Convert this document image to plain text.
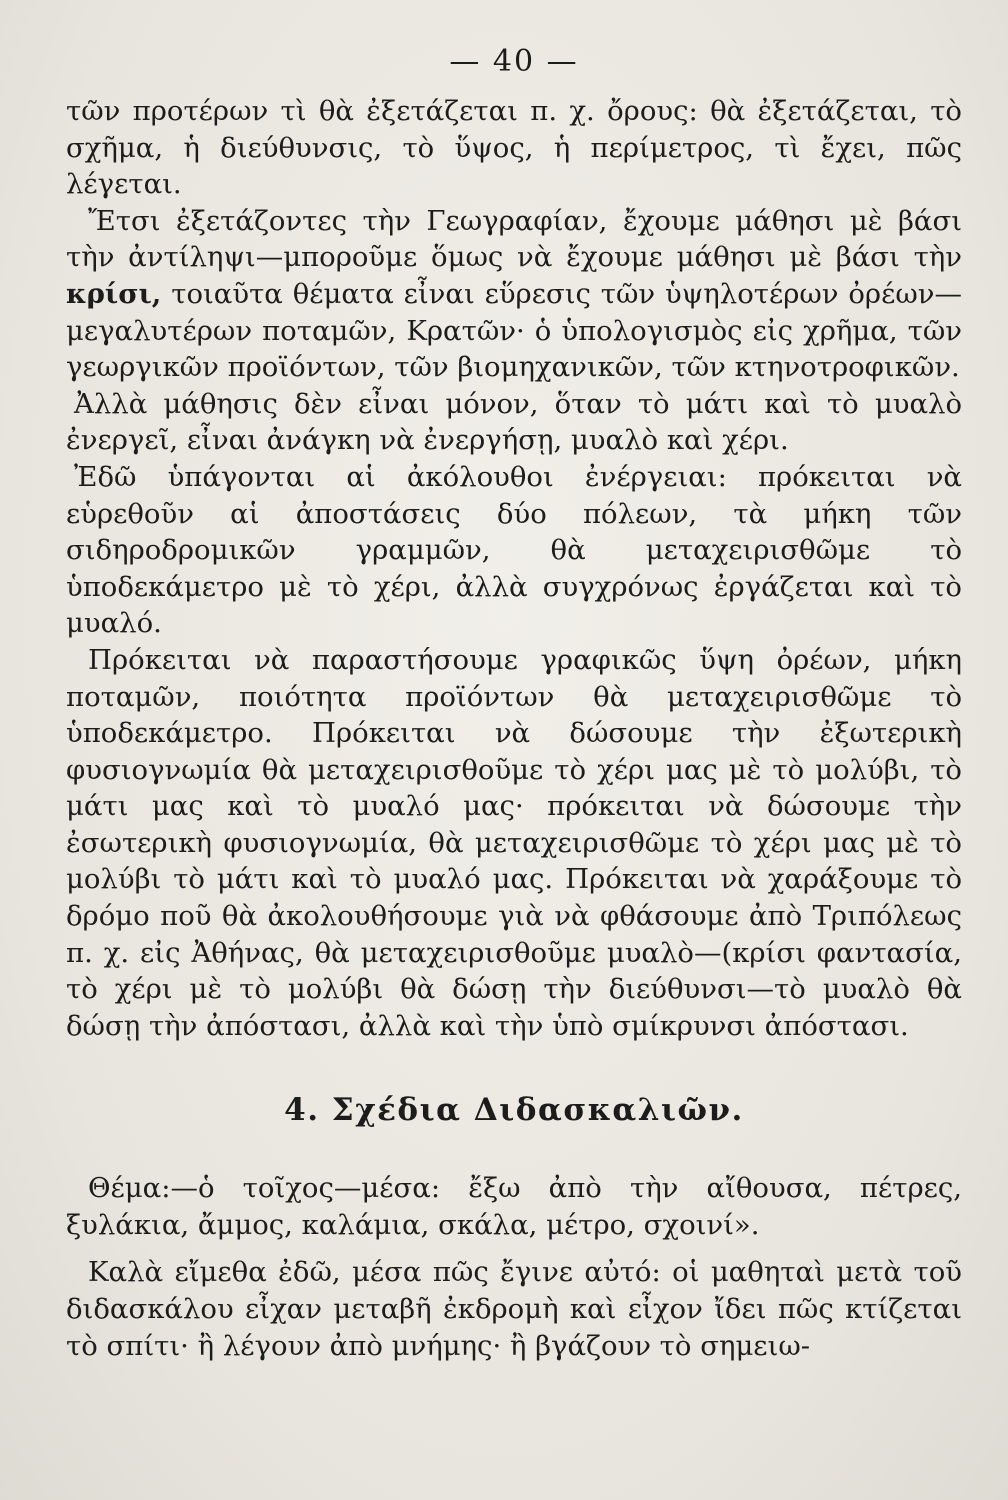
— 40 —

τῶν προτέρων τὶ θὰ ἐξετάζεται π. χ. ὄρους: θὰ ἐξετάζεται, τὸ σχῆμα, ἡ διεύθυνσις, τὸ ὕψος, ἡ περίμετρος, τὶ ἔχει, πῶς λέγεται.

Ἔτσι ἐξετάζοντες τὴν Γεωγραφίαν, ἔχουμε μάθησι μὲ βάσι τὴν ἀντίληψι—μποροῦμε ὅμως νὰ ἔχουμε μάθησι μὲ βάσι τὴν κρίσι, τοιαῦτα θέματα εἶναι εὕρεσις τῶν ὑψηλοτέρων ὀρέων—μεγαλυτέρων ποταμῶν, Κρατῶν· ὁ ὑπολογισμὸς εἰς χρῆμα, τῶν γεωργικῶν προϊόντων, τῶν βιομηχανικῶν, τῶν κτηνοτροφικῶν.

Ἀλλὰ μάθησις δὲν εἶναι μόνον, ὅταν τὸ μάτι καὶ τὸ μυαλὸ ἐνεργεῖ, εἶναι ἀνάγκη νὰ ἐνεργήσῃ, μυαλὸ καὶ χέρι.

Ἐδῶ ὑπάγονται αἱ ἀκόλουθοι ἐνέργειαι: πρόκειται νὰ εὑρεθοῦν αἱ ἀποστάσεις δύο πόλεων, τὰ μήκη τῶν σιδηροδρομικῶν γραμμῶν, θὰ μεταχειρισθῶμε τὸ ὑποδεκάμετρο μὲ τὸ χέρι, ἀλλὰ συγχρόνως ἐργάζεται καὶ τὸ μυαλό.

Πρόκειται νὰ παραστήσουμε γραφικῶς ὕψη ὀρέων, μήκη ποταμῶν, ποιότητα προϊόντων θὰ μεταχειρισθῶμε τὸ ὑποδεκάμετρο. Πρόκειται νὰ δώσουμε τὴν ἐξωτερικὴ φυσιογνωμία θὰ μεταχειρισθοῦμε τὸ χέρι μας μὲ τὸ μολύβι, τὸ μάτι μας καὶ τὸ μυαλό μας· πρόκειται νὰ δώσουμε τὴν ἐσωτερικὴ φυσιογνωμία, θὰ μεταχειρισθῶμε τὸ χέρι μας μὲ τὸ μολύβι τὸ μάτι καὶ τὸ μυαλό μας. Πρόκειται νὰ χαράξουμε τὸ δρόμο ποῦ θὰ ἀκολουθήσουμε γιὰ νὰ φθάσουμε ἀπὸ Τριπόλεως π. χ. εἰς Ἀθήνας, θὰ μεταχειρισθοῦμε μυαλὸ—(κρίσι φαντασία, τὸ χέρι μὲ τὸ μολύβι θὰ δώσῃ τὴν διεύθυνσι—τὸ μυαλὸ θὰ δώσῃ τὴν ἀπόστασι, ἀλλὰ καὶ τὴν ὑπὸ σμίκρυνσι ἀπόστασι.

4. Σχέδια Διδασκαλιῶν.

Θέμα:—ὁ τοῖχος—μέσα: ἔξω ἀπὸ τὴν αἴθουσα, πέτρες, ξυλάκια, ἄμμος, καλάμια, σκάλα, μέτρο, σχοινί».

Καλὰ εἴμεθα ἐδῶ, μέσα πῶς ἔγινε αὐτό: οἱ μαθηταὶ μετὰ τοῦ διδασκάλου εἶχαν μεταβῆ ἐκδρομὴ καὶ εἶχον ἴδει πῶς κτίζεται τὸ σπίτι· ἢ λέγουν ἀπὸ μνήμης· ἢ βγάζουν τὸ σημειω-
